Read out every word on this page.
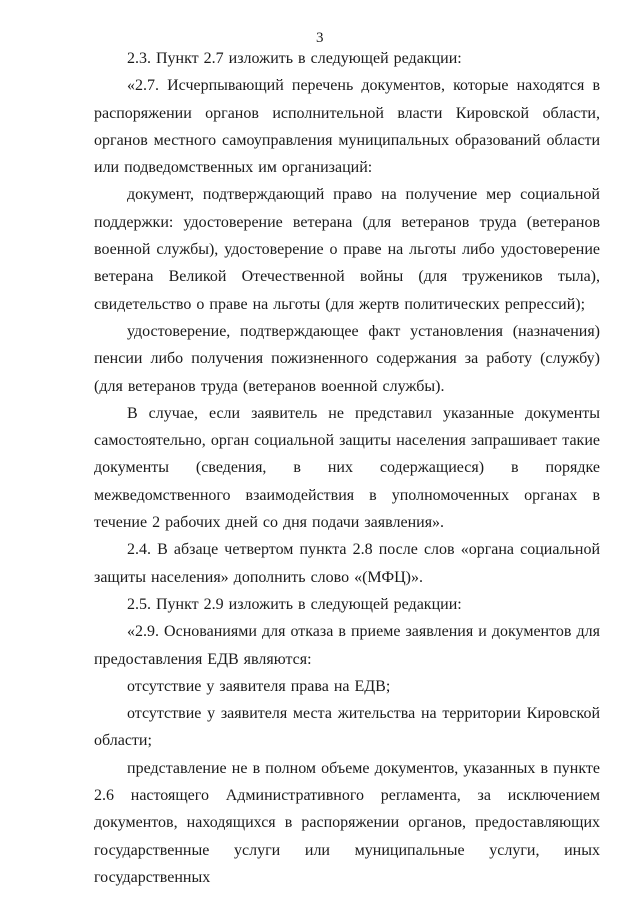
3

2.3. Пункт 2.7 изложить в следующей редакции:

«2.7. Исчерпывающий перечень документов, которые находятся в распоряжении органов исполнительной власти Кировской области, органов местного самоуправления муниципальных образований области или подведомственных им организаций:

документ, подтверждающий право на получение мер социальной поддержки: удостоверение ветерана (для ветеранов труда (ветеранов военной службы), удостоверение о праве на льготы либо удостоверение ветерана Великой Отечественной войны (для тружеников тыла), свидетельство о праве на льготы (для жертв политических репрессий);

удостоверение, подтверждающее факт установления (назначения) пенсии либо получения пожизненного содержания за работу (службу) (для ветеранов труда (ветеранов военной службы).

В случае, если заявитель не представил указанные документы самостоятельно, орган социальной защиты населения запрашивает такие документы (сведения, в них содержащиеся) в порядке межведомственного взаимодействия в уполномоченных органах в течение 2 рабочих дней со дня подачи заявления».

2.4. В абзаце четвертом пункта 2.8 после слов «органа социальной защиты населения» дополнить слово «(МФЦ)».

2.5. Пункт 2.9 изложить в следующей редакции:

«2.9. Основаниями для отказа в приеме заявления и документов для предоставления ЕДВ являются:

отсутствие у заявителя права на ЕДВ;

отсутствие у заявителя места жительства на территории Кировской области;

представление не в полном объеме документов, указанных в пункте 2.6 настоящего Административного регламента, за исключением документов, находящихся в распоряжении органов, предоставляющих государственные услуги или муниципальные услуги, иных государственных
